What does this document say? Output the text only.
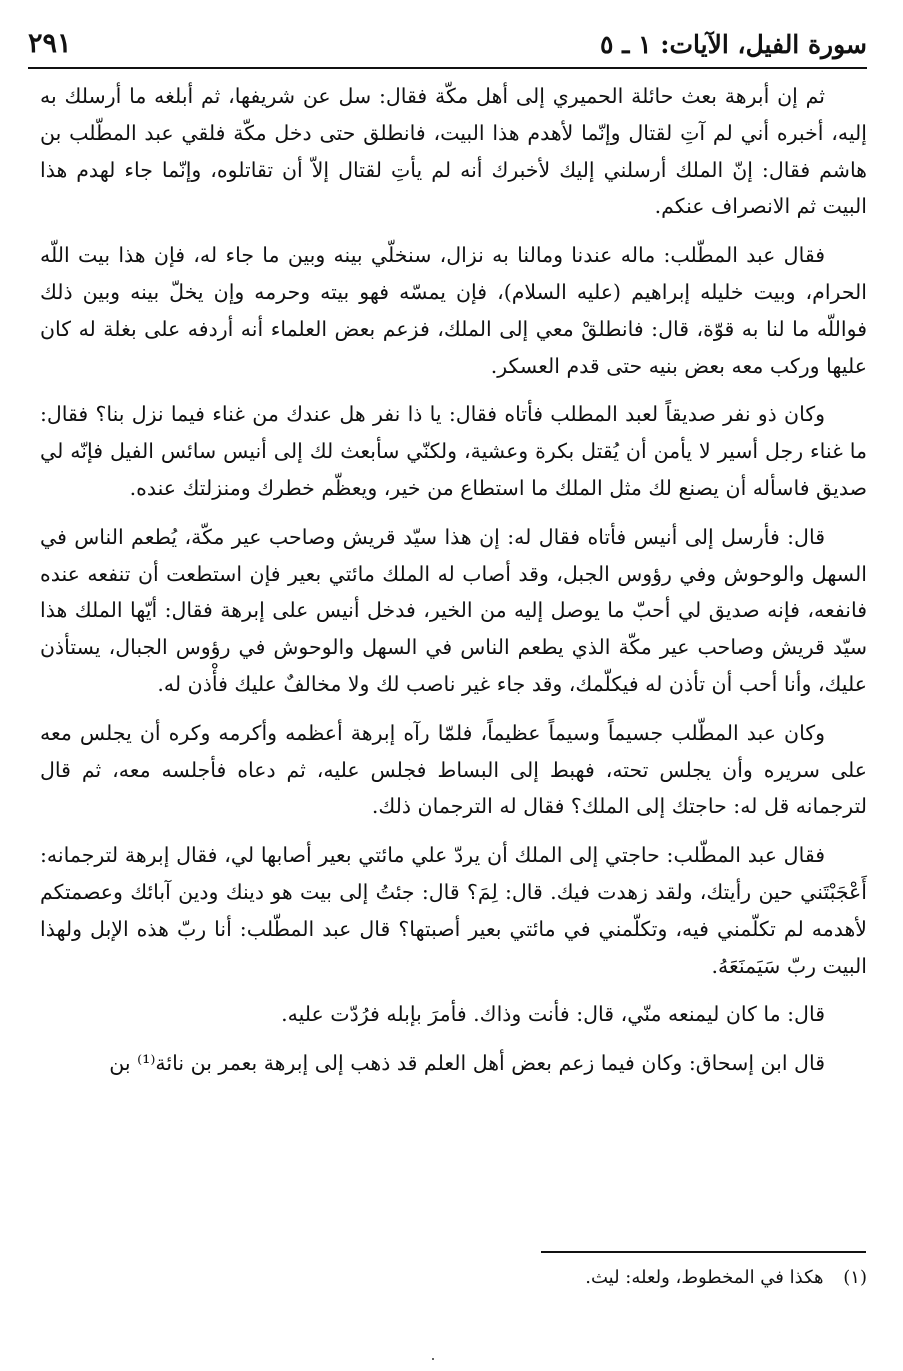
سورة الفيل، الآيات: ١ ـ ٥
٢٩١

ثم إن أبرهة بعث حائلة الحميري إلى أهل مكّة فقال: سل عن شريفها، ثم أبلغه ما أرسلك به إليه، أخبره أني لم آتِ لقتال وإنّما لأهدم هذا البيت، فانطلق حتى دخل مكّة فلقي عبد المطّلب بن هاشم فقال: إنّ الملك أرسلني إليك لأخبرك أنه لم يأتِ لقتال إلاّ أن تقاتلوه، وإنّما جاء لهدم هذا البيت ثم الانصراف عنكم.

فقال عبد المطّلب: ماله عندنا ومالنا به نزال، سنخلّي بينه وبين ما جاء له، فإن هذا بيت اللّه الحرام، وبيت خليله إبراهيم (عليه السلام)، فإن يمسّه فهو بيته وحرمه وإن يخلّ بينه وبين ذلك فواللّه ما لنا به قوّة، قال: فانطلقْ معي إلى الملك، فزعم بعض العلماء أنه أردفه على بغلة له كان عليها وركب معه بعض بنيه حتى قدم العسكر.

وكان ذو نفر صديقاً لعبد المطلب فأتاه فقال: يا ذا نفر هل عندك من غناء فيما نزل بنا؟ فقال: ما غناء رجل أسير لا يأمن أن يُقتل بكرة وعشية، ولكنّي سأبعث لك إلى أنيس سائس الفيل فإنّه لي صديق فاسأله أن يصنع لك مثل الملك ما استطاع من خير، ويعظّم خطرك ومنزلتك عنده.

قال: فأرسل إلى أنيس فأتاه فقال له: إن هذا سيّد قريش وصاحب عير مكّة، يُطعم الناس في السهل والوحوش وفي رؤوس الجبل، وقد أصاب له الملك مائتي بعير فإن استطعت أن تنفعه عنده فانفعه، فإنه صديق لي أحبّ ما يوصل إليه من الخير، فدخل أنيس على إبرهة فقال: أيّها الملك هذا سيّد قريش وصاحب عير مكّة الذي يطعم الناس في السهل والوحوش في رؤوس الجبال، يستأذن عليك، وأنا أحب أن تأذن له فيكلّمك، وقد جاء غير ناصب لك ولا مخالفٌ عليك فأْذن له.

وكان عبد المطّلب جسيماً وسيماً عظيماً، فلمّا رآه إبرهة أعظمه وأكرمه وكره أن يجلس معه على سريره وأن يجلس تحته، فهبط إلى البساط فجلس عليه، ثم دعاه فأجلسه معه، ثم قال لترجمانه قل له: حاجتك إلى الملك؟ فقال له الترجمان ذلك.

فقال عبد المطّلب: حاجتي إلى الملك أن يردّ علي مائتي بعير أصابها لي، فقال إبرهة لترجمانه: أَعْجَبْتَني حين رأيتك، ولقد زهدت فيك. قال: لِمَ؟ قال: جئتُ إلى بيت هو دينك ودين آبائك وعصمتكم لأهدمه لم تكلّمني فيه، وتكلّمني في مائتي بعير أصبتها؟ قال عبد المطّلب: أنا ربّ هذه الإبل ولهذا البيت ربّ سَيَمنَعَهُ.

قال: ما كان ليمنعه منّي، قال: فأنت وذاك. فأمرَ بإبله فرُدّت عليه.

قال ابن إسحاق: وكان فيما زعم بعض أهل العلم قد ذهب إلى إبرهة بعمر بن نائة⁽¹⁾ بن

(١) هكذا في المخطوط، ولعله: ليث.
